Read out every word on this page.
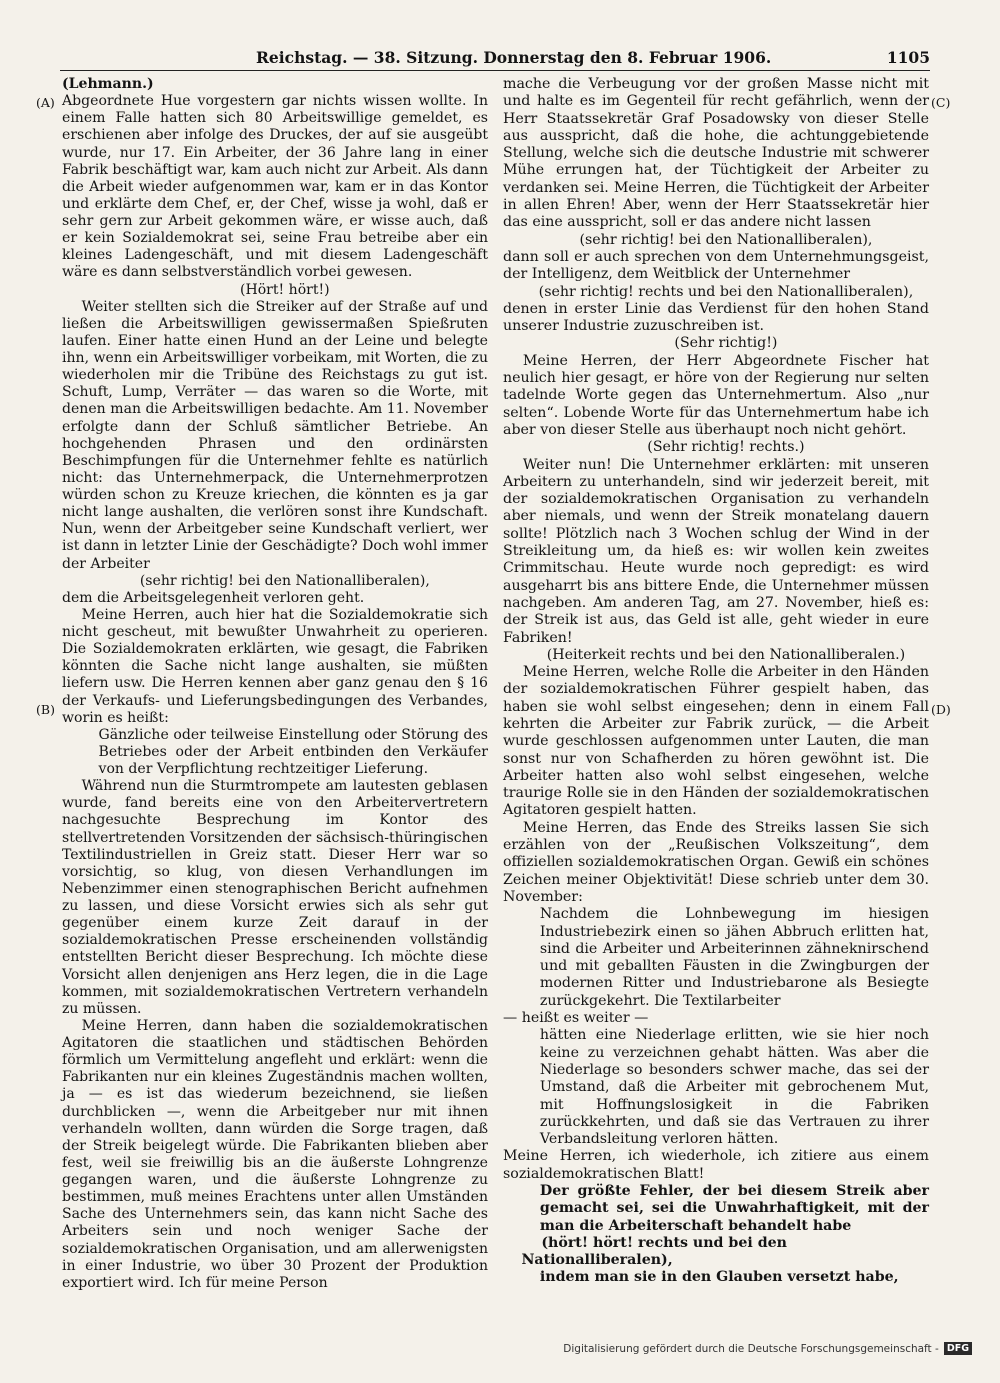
Reichstag. — 38. Sitzung. Donnerstag den 8. Februar 1906.	1105
(A)
(B)
(C)
(D)

(Lehmann.)

Abgeordnete Hue vorgestern gar nichts wissen wollte. In einem Falle hatten sich 80 Arbeitswillige gemeldet, es erschienen aber infolge des Druckes, der auf sie ausgeübt wurde, nur 17. Ein Arbeiter, der 36 Jahre lang in einer Fabrik beschäftigt war, kam auch nicht zur Arbeit. Als dann die Arbeit wieder aufgenommen war, kam er in das Kontor und erklärte dem Chef, er, der Chef, wisse ja wohl, daß er sehr gern zur Arbeit gekommen wäre, er wisse auch, daß er kein Sozialdemokrat sei, seine Frau betreibe aber ein kleines Ladengeschäft, und mit diesem Ladengeschäft wäre es dann selbstverständlich vorbei gewesen.

(Hört! hört!)

Weiter stellten sich die Streiker auf der Straße auf und ließen die Arbeitswilligen gewissermaßen Spießruten laufen. Einer hatte einen Hund an der Leine und belegte ihn, wenn ein Arbeitswilliger vorbeikam, mit Worten, die zu wiederholen mir die Tribüne des Reichstags zu gut ist. Schuft, Lump, Verräter — das waren so die Worte, mit denen man die Arbeitswilligen bedachte. Am 11. November erfolgte dann der Schluß sämtlicher Betriebe. An hochgehenden Phrasen und den ordinärsten Beschimpfungen für die Unternehmer fehlte es natürlich nicht: das Unternehmerpack, die Unternehmerprotzen würden schon zu Kreuze kriechen, die könnten es ja gar nicht lange aushalten, die verlören sonst ihre Kundschaft. Nun, wenn der Arbeitgeber seine Kundschaft verliert, wer ist dann in letzter Linie der Geschädigte? Doch wohl immer der Arbeiter

(sehr richtig! bei den Nationalliberalen),

dem die Arbeitsgelegenheit verloren geht.

Meine Herren, auch hier hat die Sozialdemokratie sich nicht gescheut, mit bewußter Unwahrheit zu operieren. Die Sozialdemokraten erklärten, wie gesagt, die Fabriken könnten die Sache nicht lange aushalten, sie müßten liefern usw. Die Herren kennen aber ganz genau den § 16 der Verkaufs- und Lieferungsbedingungen des Verbandes, worin es heißt:

Gänzliche oder teilweise Einstellung oder Störung des Betriebes oder der Arbeit entbinden den Verkäufer von der Verpflichtung rechtzeitiger Lieferung.

Während nun die Sturmtrompete am lautesten geblasen wurde, fand bereits eine von den Arbeitervertretern nachgesuchte Besprechung im Kontor des stellvertretenden Vorsitzenden der sächsisch-thüringischen Textilindustriellen in Greiz statt. Dieser Herr war so vorsichtig, so klug, von diesen Verhandlungen im Nebenzimmer einen stenographischen Bericht aufnehmen zu lassen, und diese Vorsicht erwies sich als sehr gut gegenüber einem kurze Zeit darauf in der sozialdemokratischen Presse erscheinenden vollständig entstellten Bericht dieser Besprechung. Ich möchte diese Vorsicht allen denjenigen ans Herz legen, die in die Lage kommen, mit sozialdemokratischen Vertretern verhandeln zu müssen.

Meine Herren, dann haben die sozialdemokratischen Agitatoren die staatlichen und städtischen Behörden förmlich um Vermittelung angefleht und erklärt: wenn die Fabrikanten nur ein kleines Zugeständnis machen wollten, ja — es ist das wiederum bezeichnend, sie ließen durchblicken —, wenn die Arbeitgeber nur mit ihnen verhandeln wollten, dann würden die Sorge tragen, daß der Streik beigelegt würde. Die Fabrikanten blieben aber fest, weil sie freiwillig bis an die äußerste Lohngrenze gegangen waren, und die äußerste Lohngrenze zu bestimmen, muß meines Erachtens unter allen Umständen Sache des Unternehmers sein, das kann nicht Sache des Arbeiters sein und noch weniger Sache der sozialdemokratischen Organisation, und am allerwenigsten in einer Industrie, wo über 30 Prozent der Produktion exportiert wird. Ich für meine Person

mache die Verbeugung vor der großen Masse nicht mit und halte es im Gegenteil für recht gefährlich, wenn der Herr Staatssekretär Graf Posadowsky von dieser Stelle aus ausspricht, daß die hohe, die achtunggebietende Stellung, welche sich die deutsche Industrie mit schwerer Mühe errungen hat, der Tüchtigkeit der Arbeiter zu verdanken sei. Meine Herren, die Tüchtigkeit der Arbeiter in allen Ehren! Aber, wenn der Herr Staatssekretär hier das eine ausspricht, soll er das andere nicht lassen

(sehr richtig! bei den Nationalliberalen),

dann soll er auch sprechen von dem Unternehmungsgeist, der Intelligenz, dem Weitblick der Unternehmer

(sehr richtig! rechts und bei den Nationalliberalen),

denen in erster Linie das Verdienst für den hohen Stand unserer Industrie zuzuschreiben ist.

(Sehr richtig!)

Meine Herren, der Herr Abgeordnete Fischer hat neulich hier gesagt, er höre von der Regierung nur selten tadelnde Worte gegen das Unternehmertum. Also „nur selten“. Lobende Worte für das Unternehmertum habe ich aber von dieser Stelle aus überhaupt noch nicht gehört.

(Sehr richtig! rechts.)

Weiter nun! Die Unternehmer erklärten: mit unseren Arbeitern zu unterhandeln, sind wir jederzeit bereit, mit der sozialdemokratischen Organisation zu verhandeln aber niemals, und wenn der Streik monatelang dauern sollte! Plötzlich nach 3 Wochen schlug der Wind in der Streikleitung um, da hieß es: wir wollen kein zweites Crimmitschau. Heute wurde noch gepredigt: es wird ausgeharrt bis ans bittere Ende, die Unternehmer müssen nachgeben. Am anderen Tag, am 27. November, hieß es: der Streik ist aus, das Geld ist alle, geht wieder in eure Fabriken!

(Heiterkeit rechts und bei den Nationalliberalen.)

Meine Herren, welche Rolle die Arbeiter in den Händen der sozialdemokratischen Führer gespielt haben, das haben sie wohl selbst eingesehen; denn in einem Fall kehrten die Arbeiter zur Fabrik zurück, — die Arbeit wurde geschlossen aufgenommen unter Lauten, die man sonst nur von Schafherden zu hören gewöhnt ist. Die Arbeiter hatten also wohl selbst eingesehen, welche traurige Rolle sie in den Händen der sozialdemokratischen Agitatoren gespielt hatten.

Meine Herren, das Ende des Streiks lassen Sie sich erzählen von der „Reußischen Volkszeitung“, dem offiziellen sozialdemokratischen Organ. Gewiß ein schönes Zeichen meiner Objektivität! Diese schrieb unter dem 30. November:

Nachdem die Lohnbewegung im hiesigen Industriebezirk einen so jähen Abbruch erlitten hat, sind die Arbeiter und Arbeiterinnen zähneknirschend und mit geballten Fäusten in die Zwingburgen der modernen Ritter und Industriebarone als Besiegte zurückgekehrt. Die Textilarbeiter

— heißt es weiter —

hätten eine Niederlage erlitten, wie sie hier noch keine zu verzeichnen gehabt hätten. Was aber die Niederlage so besonders schwer mache, das sei der Umstand, daß die Arbeiter mit gebrochenem Mut, mit Hoffnungslosigkeit in die Fabriken zurückkehrten, und daß sie das Vertrauen zu ihrer Verbandsleitung verloren hätten.

Meine Herren, ich wiederhole, ich zitiere aus einem sozialdemokratischen Blatt!

Der größte Fehler, der bei diesem Streik aber gemacht sei, sei die Unwahrhaftigkeit, mit der man die Arbeiterschaft behandelt habe

(hört! hört! rechts und bei den Nationalliberalen),

indem man sie in den Glauben versetzt habe,

Digitalisierung gefördert durch die Deutsche Forschungsgemeinschaft - DFG
